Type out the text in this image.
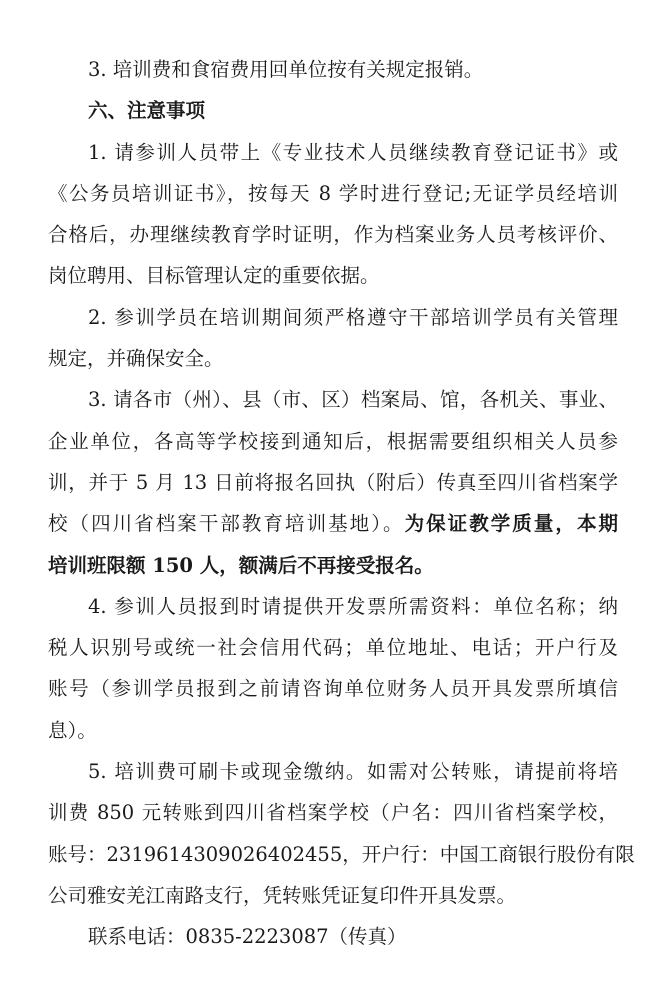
3. 培训费和食宿费用回单位按有关规定报销。
六、注意事项
1. 请参训人员带上《专业技术人员继续教育登记证书》或
《公务员培训证书》，按每天 8 学时进行登记;无证学员经培训
合格后，办理继续教育学时证明，作为档案业务人员考核评价、
岗位聘用、目标管理认定的重要依据。
2. 参训学员在培训期间须严格遵守干部培训学员有关管理
规定，并确保安全。
3. 请各市（州）、县（市、区）档案局、馆，各机关、事业、
企业单位，各高等学校接到通知后，根据需要组织相关人员参
训，并于 5 月 13 日前将报名回执（附后）传真至四川省档案学
校（四川省档案干部教育培训基地）。为保证教学质量，本期
培训班限额 150 人，额满后不再接受报名。
4. 参训人员报到时请提供开发票所需资料：单位名称；纳
税人识别号或统一社会信用代码；单位地址、电话；开户行及
账号（参训学员报到之前请咨询单位财务人员开具发票所填信
息）。
5. 培训费可刷卡或现金缴纳。如需对公转账，请提前将培
训费 850 元转账到四川省档案学校（户名：四川省档案学校，
账号：2319614309026402455，开户行：中国工商银行股份有限
公司雅安羌江南路支行，凭转账凭证复印件开具发票。
联系电话：0835-2223087（传真）
